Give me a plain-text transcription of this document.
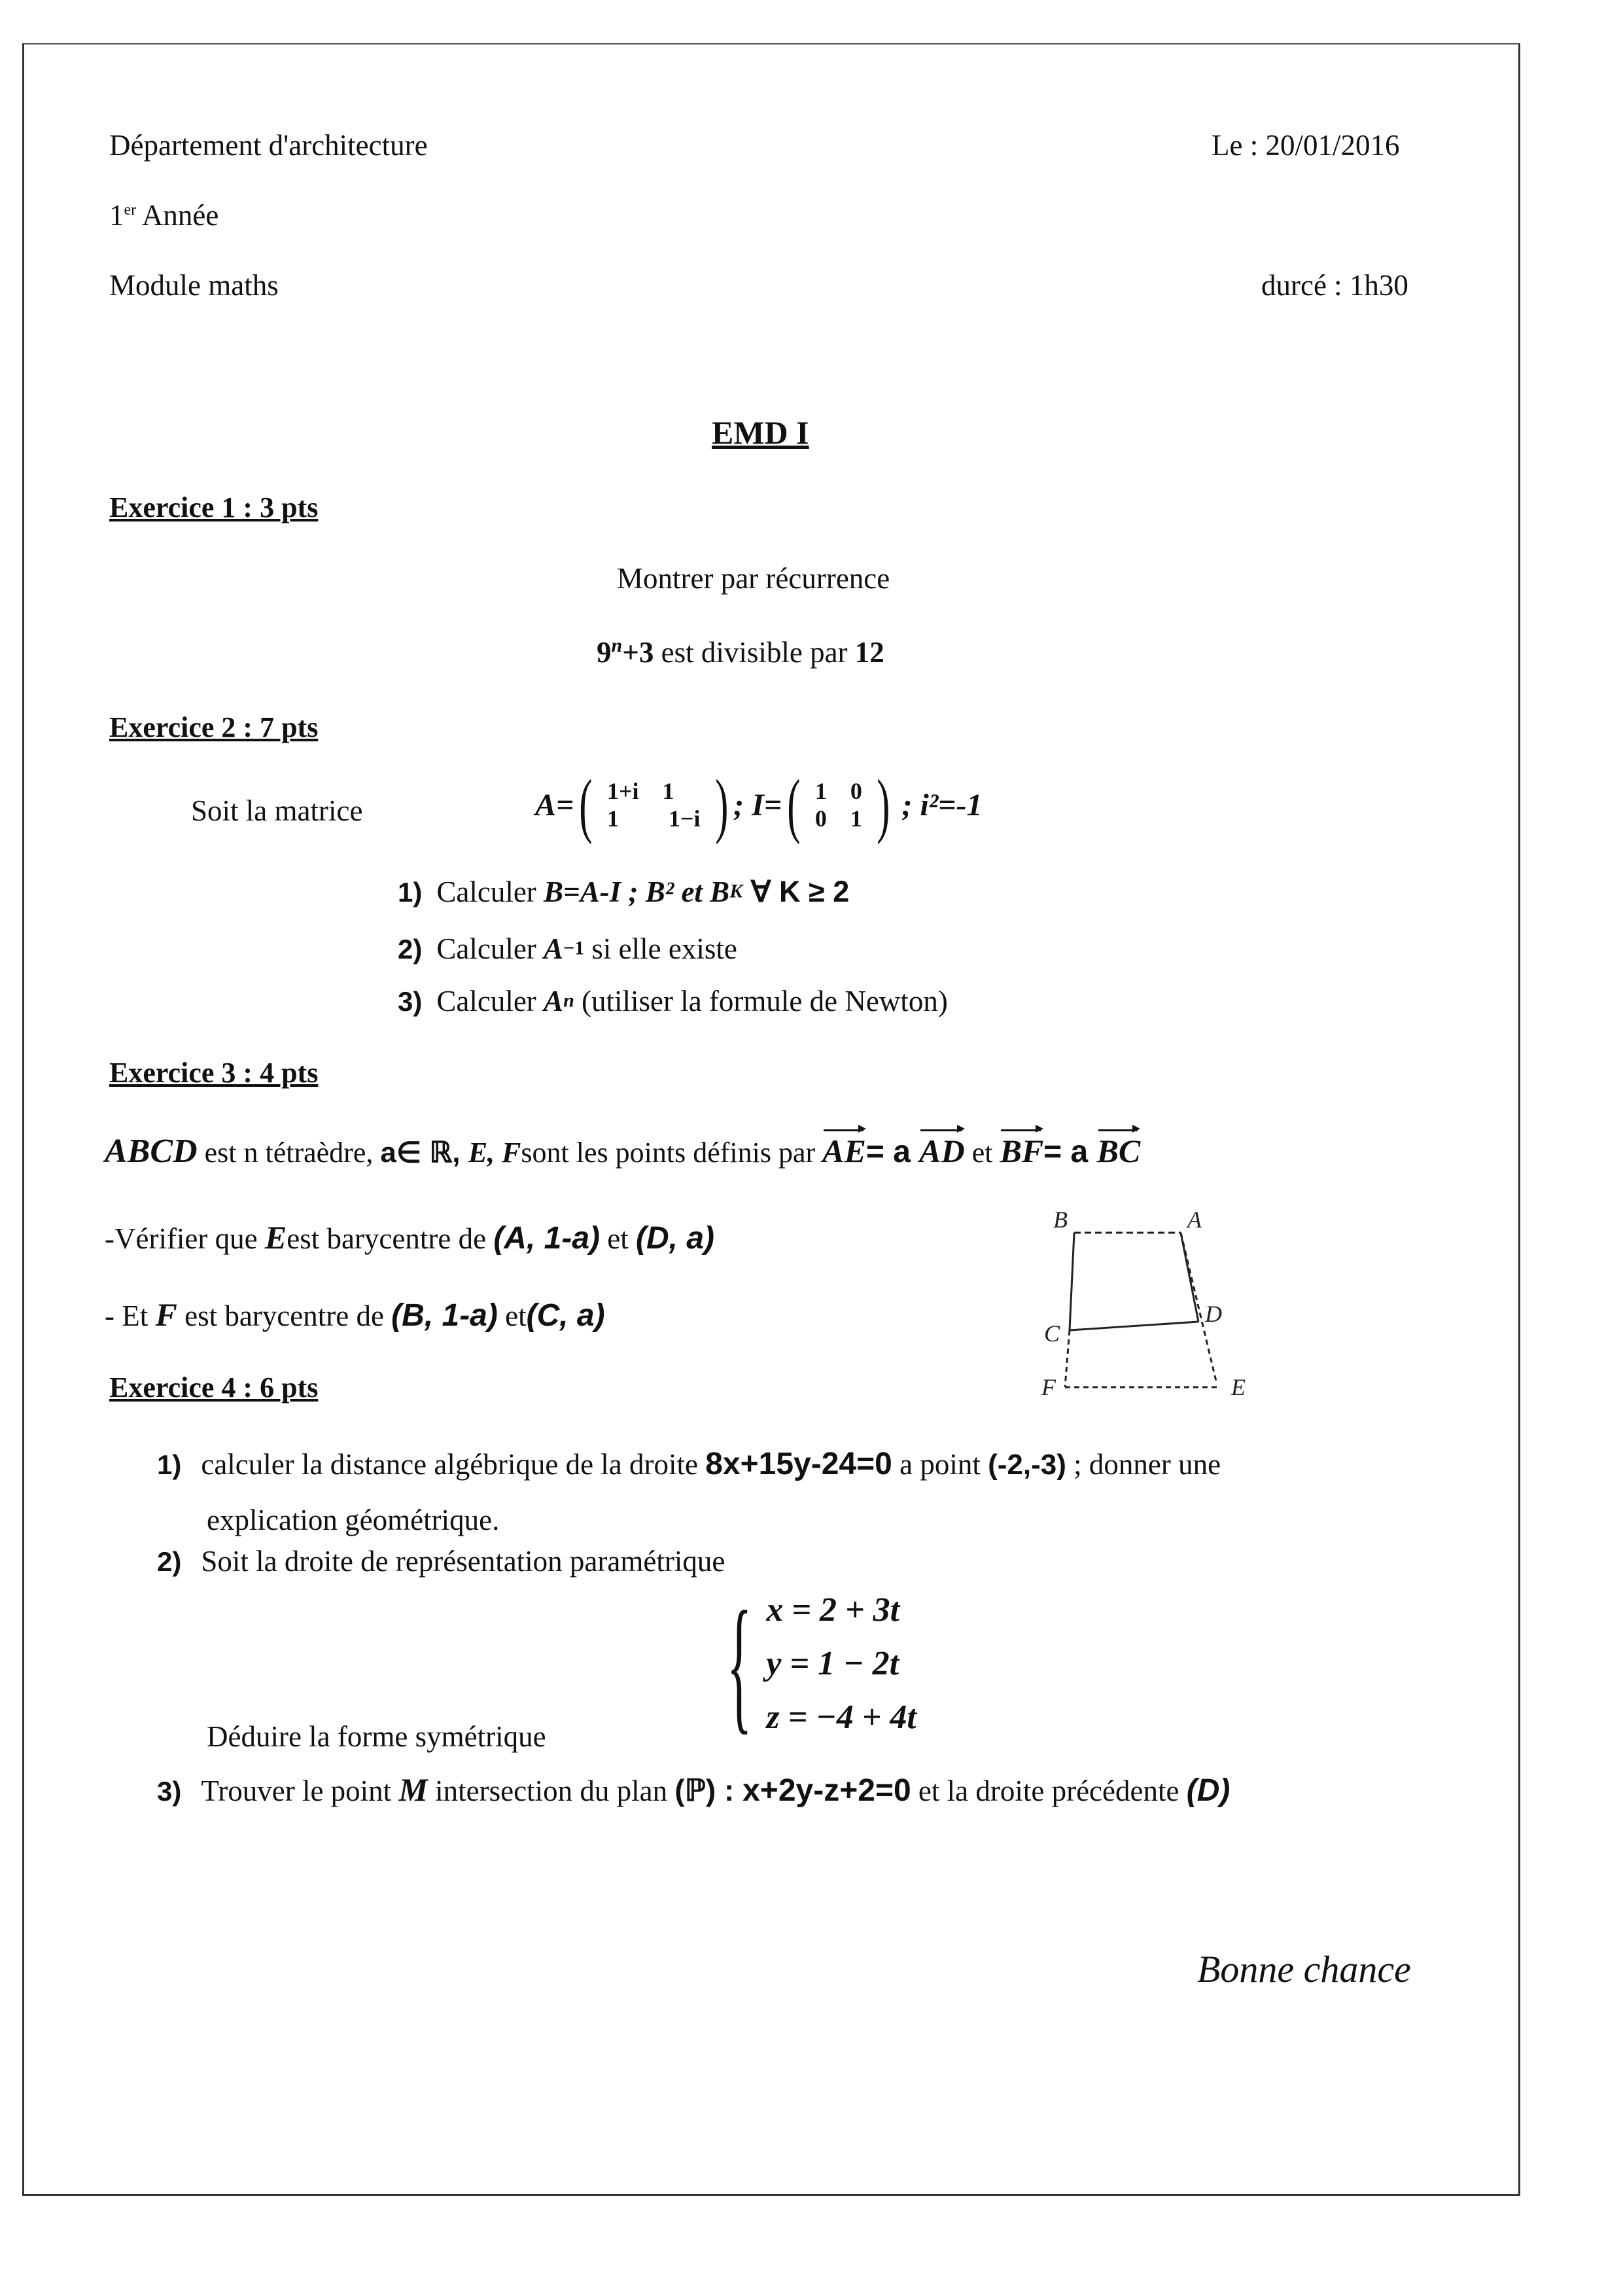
Département d'architecture
1er Année
Module maths
Le : 20/01/2016
durcé : 1h30
EMD I
Exercice 1 : 3 pts
Montrer par récurrence
$9^n+3$ est divisible par 12
Exercice 2 : 7 pts
Soit la matrice	A= ( 1+i 1
1 1−i ) ; I= ( 1 0
0 1 ) ; i²=-1
1) Calculer B=A-I ; B² et $B^K$ ∀ K ≥ 2
2) Calculer $A^{-1}$ si elle existe
3) Calculer $A^n$ (utiliser la formule de Newton)
Exercice 3 : 4 pts
ABCD est n tétraèdre, a∈ ℝ, E, Fsont les points définis par AE= a AD et BF= a BC
-Vérifier que Eest barycentre de (A, 1-a) et (D, a)
- Et F est barycentre de (B, 1-a) et(C, a)
B	A
C
D
F	E
Exercice 4 : 6 pts
1) calculer la distance algébrique de la droite 8x+15y-24=0 a point (-2,-3) ; donner une
explication géométrique.
2) Soit la droite de représentation paramétrique
{ x = 2 + 3t
y = 1 − 2t
z = −4 + 4t
Déduire la forme symétrique
3) Trouver le point M intersection du plan (ℙ) : x+2y-z+2=0 et la droite précédente (D)
Bonne chance
